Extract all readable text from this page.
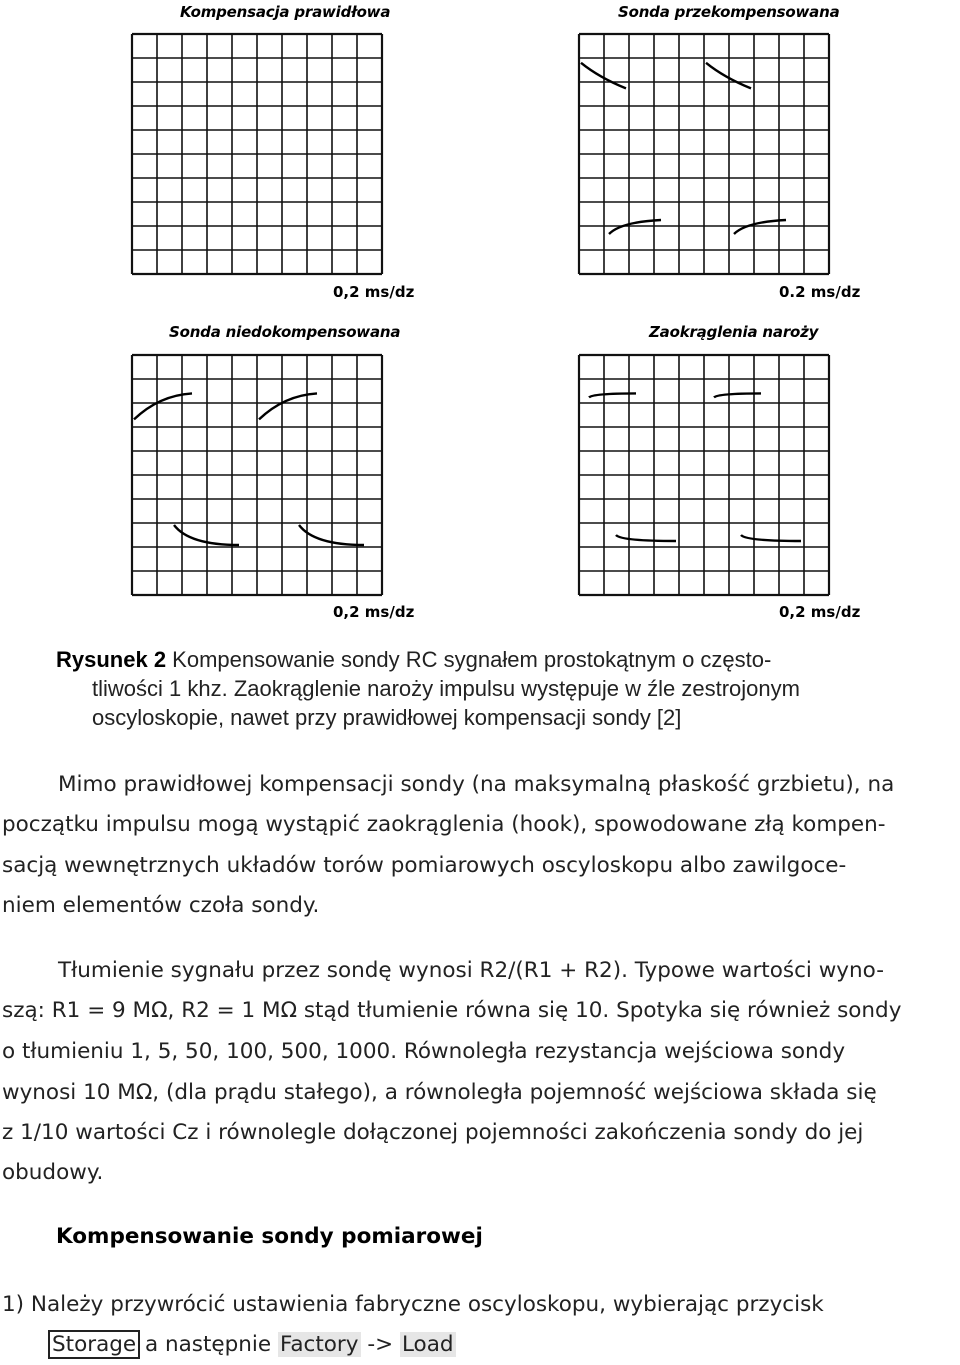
Kompensacja prawidłowa
0,2 ms/dz
Sonda przekompensowana
0.2 ms/dz
Sonda niedokompensowana
0,2 ms/dz
Zaokrąglenia naroży
0,2 ms/dz
Rysunek 2 Kompensowanie sondy RC sygnałem prostokątnym o często-
tliwości 1 khz. Zaokrąglenie naroży impulsu występuje w źle zestrojonym
oscyloskopie, nawet przy prawidłowej kompensacji sondy [2]
Mimo prawidłowej kompensacji sondy (na maksymalną płaskość grzbietu), na
początku impulsu mogą wystąpić zaokrąglenia (hook), spowodowane złą kompen-
sacją wewnętrznych układów torów pomiarowych oscyloskopu albo zawilgoce-
niem elementów czoła sondy.
Tłumienie sygnału przez sondę wynosi R2/(R1 + R2). Typowe wartości wyno-
szą: R1 = 9 MΩ, R2 = 1 MΩ stąd tłumienie równa się 10. Spotyka się również sondy
o tłumieniu 1, 5, 50, 100, 500, 1000. Równoległa rezystancja wejściowa sondy
wynosi 10 MΩ, (dla prądu stałego), a równoległa pojemność wejściowa składa się
z 1/10 wartości Cz i równolegle dołączonej pojemności zakończenia sondy do jej
obudowy.
Kompensowanie sondy pomiarowej
1) Należy przywrócić ustawienia fabryczne oscyloskopu, wybierając przycisk
Storage a następnie Factory -> Load
